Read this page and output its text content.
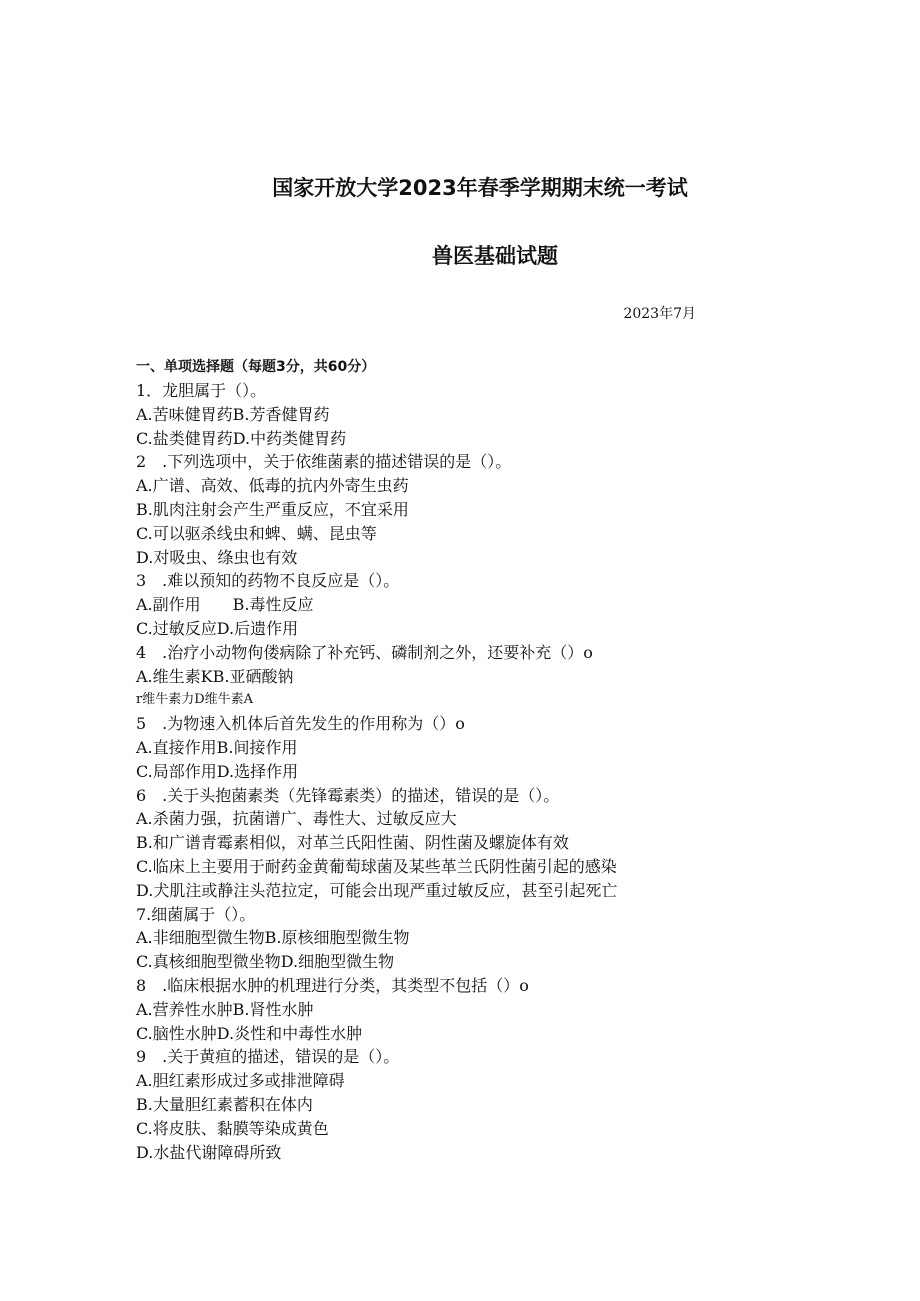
国家开放大学2023年春季学期期末统一考试
兽医基础试题

2023年7月

一、单项选择题（每题3分，共60分）

1．龙胆属于（）。

A.苦味健胃药B.芳香健胃药

C.盐类健胃药D.中药类健胃药

2　.下列选项中，关于依维菌素的描述错误的是（）。

A.广谱、高效、低毒的抗内外寄生虫药

B.肌肉注射会产生严重反应，不宜采用

C.可以驱杀线虫和蜱、螨、昆虫等

D.对吸虫、绦虫也有效

3　.难以预知的药物不良反应是（）。

A.副作用　　B.毒性反应

C.过敏反应D.后遗作用

4　.治疗小动物佝偻病除了补充钙、磷制剂之外，还要补充（）o

A.维生素KB.亚硒酸钠

r维牛素力D维牛素A

5　.为物速入机体后首先发生的作用称为（）o

A.直接作用B.间接作用

C.局部作用D.选择作用

6　.关于头抱菌素类（先锋霉素类）的描述，错误的是（）。

A.杀菌力强，抗菌谱广、毒性大、过敏反应大

B.和广谱青霉素相似，对革兰氏阳性菌、阴性菌及螺旋体有效

C.临床上主要用于耐药金黄葡萄球菌及某些革兰氏阴性菌引起的感染

D.犬肌注或静注头范拉定，可能会出现严重过敏反应，甚至引起死亡

7.细菌属于（）。

A.非细胞型微生物B.原核细胞型微生物

C.真核细胞型微坐物D.细胞型微生物

8　.临床根据水肿的机理进行分类，其类型不包括（）o

A.营养性水肿B.肾性水肿

C.脑性水肿D.炎性和中毒性水肿

9　.关于黄疸的描述，错误的是（）。

A.胆红素形成过多或排泄障碍

B.大量胆红素蓄积在体内

C.将皮肤、黏膜等染成黄色

D.水盐代谢障碍所致
